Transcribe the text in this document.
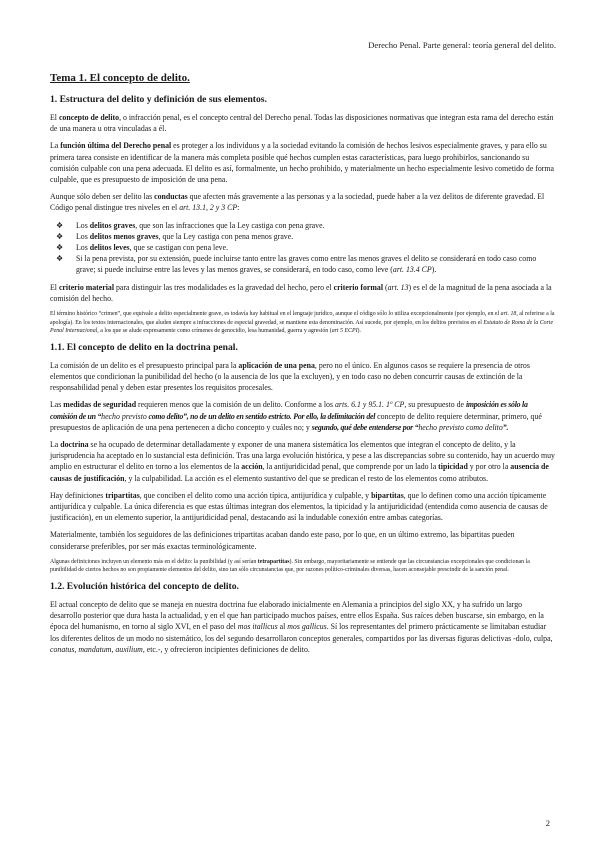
Derecho Penal. Parte general: teoría general del delito.
Tema 1. El concepto de delito.
1. Estructura del delito y definición de sus elementos.

El concepto de delito, o infracción penal, es el concepto central del Derecho penal. Todas las disposiciones normativas que integran esta rama del derecho están de una manera u otra vinculadas a él.

La función última del Derecho penal es proteger a los individuos y a la sociedad evitando la comisión de hechos lesivos especialmente graves, y para ello su primera tarea consiste en identificar de la manera más completa posible qué hechos cumplen estas características, para luego prohibirlos, sancionando su comisión culpable con una pena adecuada. El delito es así, formalmente, un hecho prohibido, y materialmente un hecho especialmente lesivo cometido de forma culpable, que es presupuesto de imposición de una pena.

Aunque sólo deben ser delito las conductas que afecten más gravemente a las personas y a la sociedad, puede haber a la vez delitos de diferente gravedad. El Código penal distingue tres niveles en el art. 13.1, 2 y 3 CP:

❖ Los delitos graves, que son las infracciones que la Ley castiga con pena grave.
❖ Los delitos menos graves, que la Ley castiga con pena menos grave.
❖ Los delitos leves, que se castigan con pena leve.
❖ Si la pena prevista, por su extensión, puede incluirse tanto entre las graves como entre las menos graves el delito se considerará en todo caso como grave; si puede incluirse entre las leves y las menos graves, se considerará, en todo caso, como leve (art. 13.4 CP).

El criterio material para distinguir las tres modalidades es la gravedad del hecho, pero el criterio formal (art. 13) es el de la magnitud de la pena asociada a la comisión del hecho.

El término histórico “crimen”, que equivale a delito especialmente grave, es todavía hay habitual en el lenguaje jurídico, aunque el código sólo lo utiliza excepcionalmente (por ejemplo, en el art. 18, al referirse a la apología). En los textos internacionales, que aluden siempre a infracciones de especial gravedad, se mantiene esta denominación. Así sucede, por ejemplo, en los delitos previstos en el Estatuto de Roma de la Corte Penal Internacional, a los que se alude expresamente como crímenes de genocidio, lesa humanidad, guerra y agresión (art 5 ECPI).

1.1. El concepto de delito en la doctrina penal.

La comisión de un delito es el presupuesto principal para la aplicación de una pena, pero no el único. En algunos casos se requiere la presencia de otros elementos que condicionan la punibilidad del hecho (o la ausencia de los que la excluyen), y en todo caso no deben concurrir causas de extinción de la responsabilidad penal y deben estar presentes los requisitos procesales.

Las medidas de seguridad requieren menos que la comisión de un delito. Conforme a los arts. 6.1 y 95.1. 1º CP, su presupuesto de imposición es sólo la comisión de un “hecho previsto como delito”, no de un delito en sentido estricto. Por ello, la delimitación del concepto de delito requiere determinar, primero, qué presupuestos de aplicación de una pena pertenecen a dicho concepto y cuáles no; y segundo, qué debe entenderse por “hecho previsto como delito”.

La doctrina se ha ocupado de determinar detalladamente y exponer de una manera sistemática los elementos que integran el concepto de delito, y la jurisprudencia ha aceptado en lo sustancial esta definición. Tras una larga evolución histórica, y pese a las discrepancias sobre su contenido, hay un acuerdo muy amplio en estructurar el delito en torno a los elementos de la acción, la antijuridicidad penal, que comprende por un lado la tipicidad y por otro la ausencia de causas de justificación, y la culpabilidad. La acción es el elemento sustantivo del que se predican el resto de los elementos como atributos.

Hay definiciones tripartitas, que conciben el delito como una acción típica, antijurídica y culpable, y bipartitas, que lo definen como una acción típicamente antijurídica y culpable. La única diferencia es que estas últimas integran dos elementos, la tipicidad y la antijuridicidad (entendida como ausencia de causas de justificación), en un elemento superior, la antijuridicidad penal, destacando así la indudable conexión entre ambas categorías.

Materialmente, también los seguidores de las definiciones tripartitas acaban dando este paso, por lo que, en un último extremo, las bipartitas pueden considerarse preferibles, por ser más exactas terminológicamente.

Algunas definiciones incluyen un elemento más en el delito: la punibilidad (y así serían tetrapartitas). Sin embargo, mayoritariamente se entiende que las circunstancias excepcionales que condicionan la punibilidad de ciertos hechos no son propiamente elementos del delito, sino tan sólo circunstancias que, por razones político-criminales diversas, hacen aconsejable prescindir de la sanción penal.

1.2. Evolución histórica del concepto de delito.

El actual concepto de delito que se maneja en nuestra doctrina fue elaborado inicialmente en Alemania a principios del siglo XX, y ha sufrido un largo desarrollo posterior que dura hasta la actualidad, y en el que han participado muchos países, entre ellos España. Sus raíces deben buscarse, sin embargo, en la época del humanismo, en torno al siglo XVI, en el paso del mos itallicus al mos gallicus. Sí los representantes del primero prácticamente se limitaban estudiar los diferentes delitos de un modo no sistemático, los del segundo desarrollaron conceptos generales, compartidos por las diversas figuras delictivas -dolo, culpa, conatus, mandatum, auxilium, etc.-, y ofrecieron incipientes definiciones de delito.

2
